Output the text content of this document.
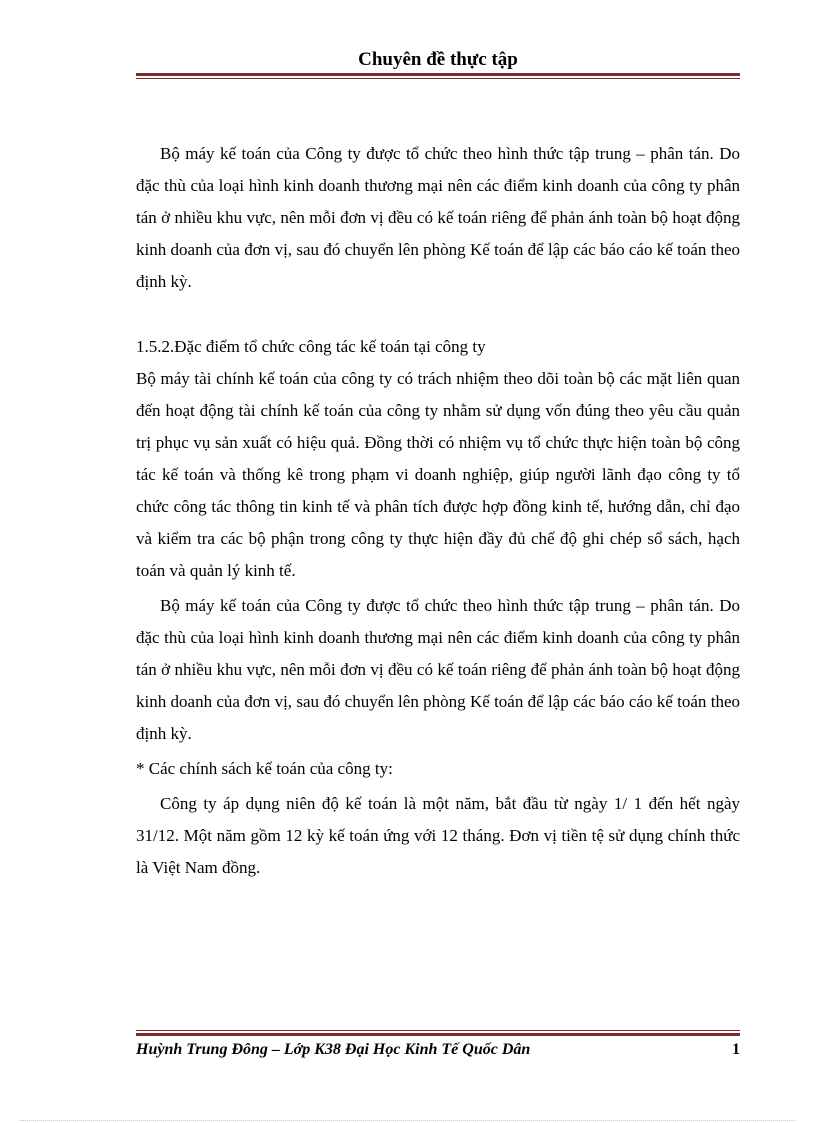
Chuyên đề thực tập

Bộ máy kế toán của Công ty được tổ chức theo hình thức tập trung – phân tán. Do đặc thù của loại hình kinh doanh thương mại nên các điểm kinh doanh của công ty phân tán ở nhiều khu vực, nên mỗi đơn vị đều có kế toán riêng để phản ánh toàn bộ hoạt động kinh doanh của đơn vị, sau đó chuyển lên phòng Kế toán để lập các báo cáo kế toán theo định kỳ.

1.5.2.Đặc điểm tổ chức công tác kế toán tại công ty

Bộ máy tài chính kế toán của công ty có trách nhiệm theo dõi toàn bộ các mặt liên quan đến hoạt động tài chính kế toán của công ty nhằm sử dụng vốn đúng theo yêu cầu quản trị phục vụ sản xuất có hiệu quả. Đồng thời có nhiệm vụ tổ chức thực hiện toàn bộ công tác kế toán và thống kê trong phạm vi doanh nghiệp, giúp người lãnh đạo công ty tổ chức công tác thông tin kinh tế và phân tích được hợp đồng kinh tế, hướng dẫn, chỉ đạo và kiểm tra các bộ phận trong công ty thực hiện đầy đủ chế độ ghi chép sổ sách, hạch toán và quản lý kinh tế.

Bộ máy kế toán của Công ty được tổ chức theo hình thức tập trung – phân tán. Do đặc thù của loại hình kinh doanh thương mại nên các điểm kinh doanh của công ty phân tán ở nhiều khu vực, nên mỗi đơn vị đều có kế toán riêng để phản ánh toàn bộ hoạt động kinh doanh của đơn vị, sau đó chuyển lên phòng Kế toán để lập các báo cáo kế toán theo định kỳ.

* Các chính sách kế toán của công ty:

Công ty áp dụng niên độ kế toán là một năm, bắt đầu từ ngày 1/ 1 đến hết ngày 31/12. Một năm gồm 12 kỳ kế toán ứng với 12 tháng. Đơn vị tiền tệ sử dụng chính thức là Việt Nam đồng.

Huỳnh Trung Đông – Lớp K38 Đại Học Kinh Tế Quốc Dân	1
